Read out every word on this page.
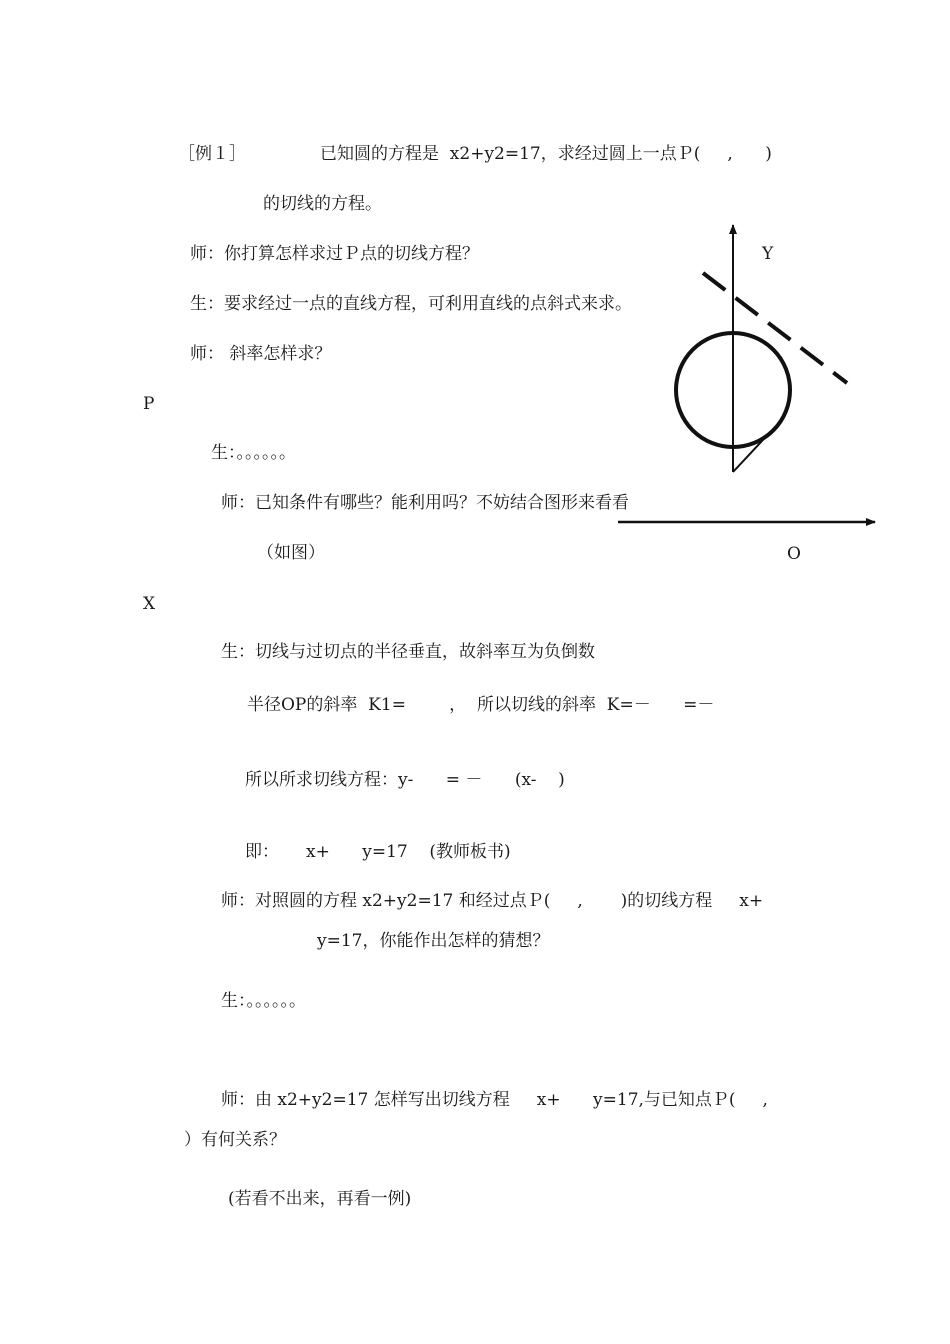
［例１］	已知圆的方程是  x2+y2=17，求经过圆上一点Ｐ(     ,      )
的切线的方程。
师：你打算怎样求过Ｐ点的切线方程？
生：要求经过一点的直线方程，可利用直线的点斜式来求。
师： 斜率怎样求？
生：。。。。。。
师：已知条件有哪些？能利用吗？不妨结合图形来看看
（如图）
生：切线与过切点的半径垂直，故斜率互为负倒数
半径OP的斜率  K1=        ，  所以切线的斜率  K=－      =－
所以所求切线方程：y-      = －      (x-    )
即：     x+      y=17    (教师板书)
师：对照圆的方程 x2+y2=17 和经过点Ｐ(     ,       )的切线方程     x+
y=17，你能作出怎样的猜想？
生：。。。。。。
师：由 x2+y2=17 怎样写出切线方程     x+      y=17,与已知点Ｐ(     ,
）有何关系？
(若看不出来，再看一例)
Y
P
O
X
